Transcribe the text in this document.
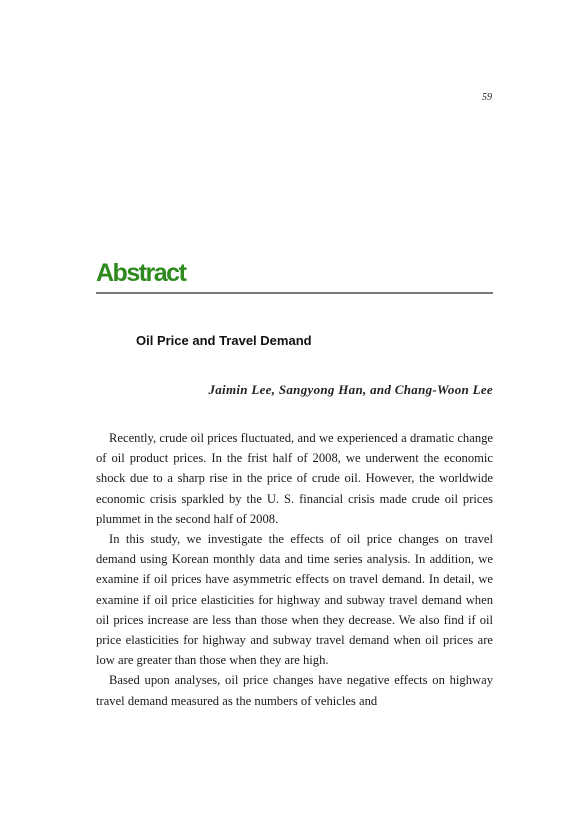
59
Abstract
Oil Price and Travel Demand
Jaimin Lee, Sangyong Han, and Chang-Woon Lee

Recently, crude oil prices fluctuated, and we experienced a dramatic change of oil product prices. In the frist half of 2008, we underwent the economic shock due to a sharp rise in the price of crude oil. However, the worldwide economic crisis sparkled by the U. S. financial crisis made crude oil prices plummet in the second half of 2008.

In this study, we investigate the effects of oil price changes on travel demand using Korean monthly data and time series analysis. In addition, we examine if oil prices have asymmetric effects on travel demand. In detail, we examine if oil price elasticities for highway and subway travel demand when oil prices increase are less than those when they decrease. We also find if oil price elasticities for highway and subway travel demand when oil prices are low are greater than those when they are high.

Based upon analyses, oil price changes have negative effects on highway travel demand measured as the numbers of vehicles and
